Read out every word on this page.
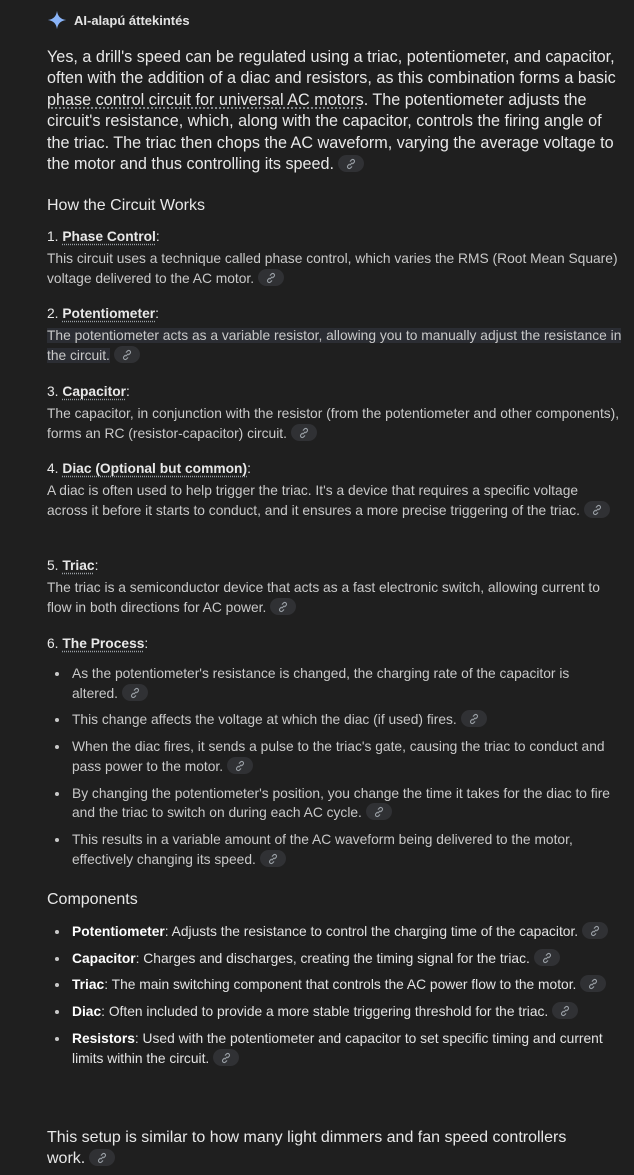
AI-alapú áttekintés
Yes, a drill's speed can be regulated using a triac, potentiometer, and capacitor, often with the addition of a diac and resistors, as this combination forms a basic phase control circuit for universal AC motors. The potentiometer adjusts the circuit's resistance, which, along with the capacitor, controls the firing angle of the triac. The triac then chops the AC waveform, varying the average voltage to the motor and thus controlling its speed.
How the Circuit Works

1. Phase Control:

This circuit uses a technique called phase control, which varies the RMS (Root Mean Square) voltage delivered to the AC motor.

2. Potentiometer:

The potentiometer acts as a variable resistor, allowing you to manually adjust the resistance in the circuit.

3. Capacitor:

The capacitor, in conjunction with the resistor (from the potentiometer and other components), forms an RC (resistor-capacitor) circuit.

4. Diac (Optional but common):

A diac is often used to help trigger the triac. It's a device that requires a specific voltage across it before it starts to conduct, and it ensures a more precise triggering of the triac.

5. Triac:

The triac is a semiconductor device that acts as a fast electronic switch, allowing current to flow in both directions for AC power.

6. The Process:

As the potentiometer's resistance is changed, the charging rate of the capacitor is altered.
This change affects the voltage at which the diac (if used) fires.
When the diac fires, it sends a pulse to the triac's gate, causing the triac to conduct and pass power to the motor.
By changing the potentiometer's position, you change the time it takes for the diac to fire and the triac to switch on during each AC cycle.
This results in a variable amount of the AC waveform being delivered to the motor, effectively changing its speed.
Components
Potentiometer: Adjusts the resistance to control the charging time of the capacitor.
Capacitor: Charges and discharges, creating the timing signal for the triac.
Triac: The main switching component that controls the AC power flow to the motor.
Diac: Often included to provide a more stable triggering threshold for the triac.
Resistors: Used with the potentiometer and capacitor to set specific timing and current limits within the circuit.
This setup is similar to how many light dimmers and fan speed controllers work.
